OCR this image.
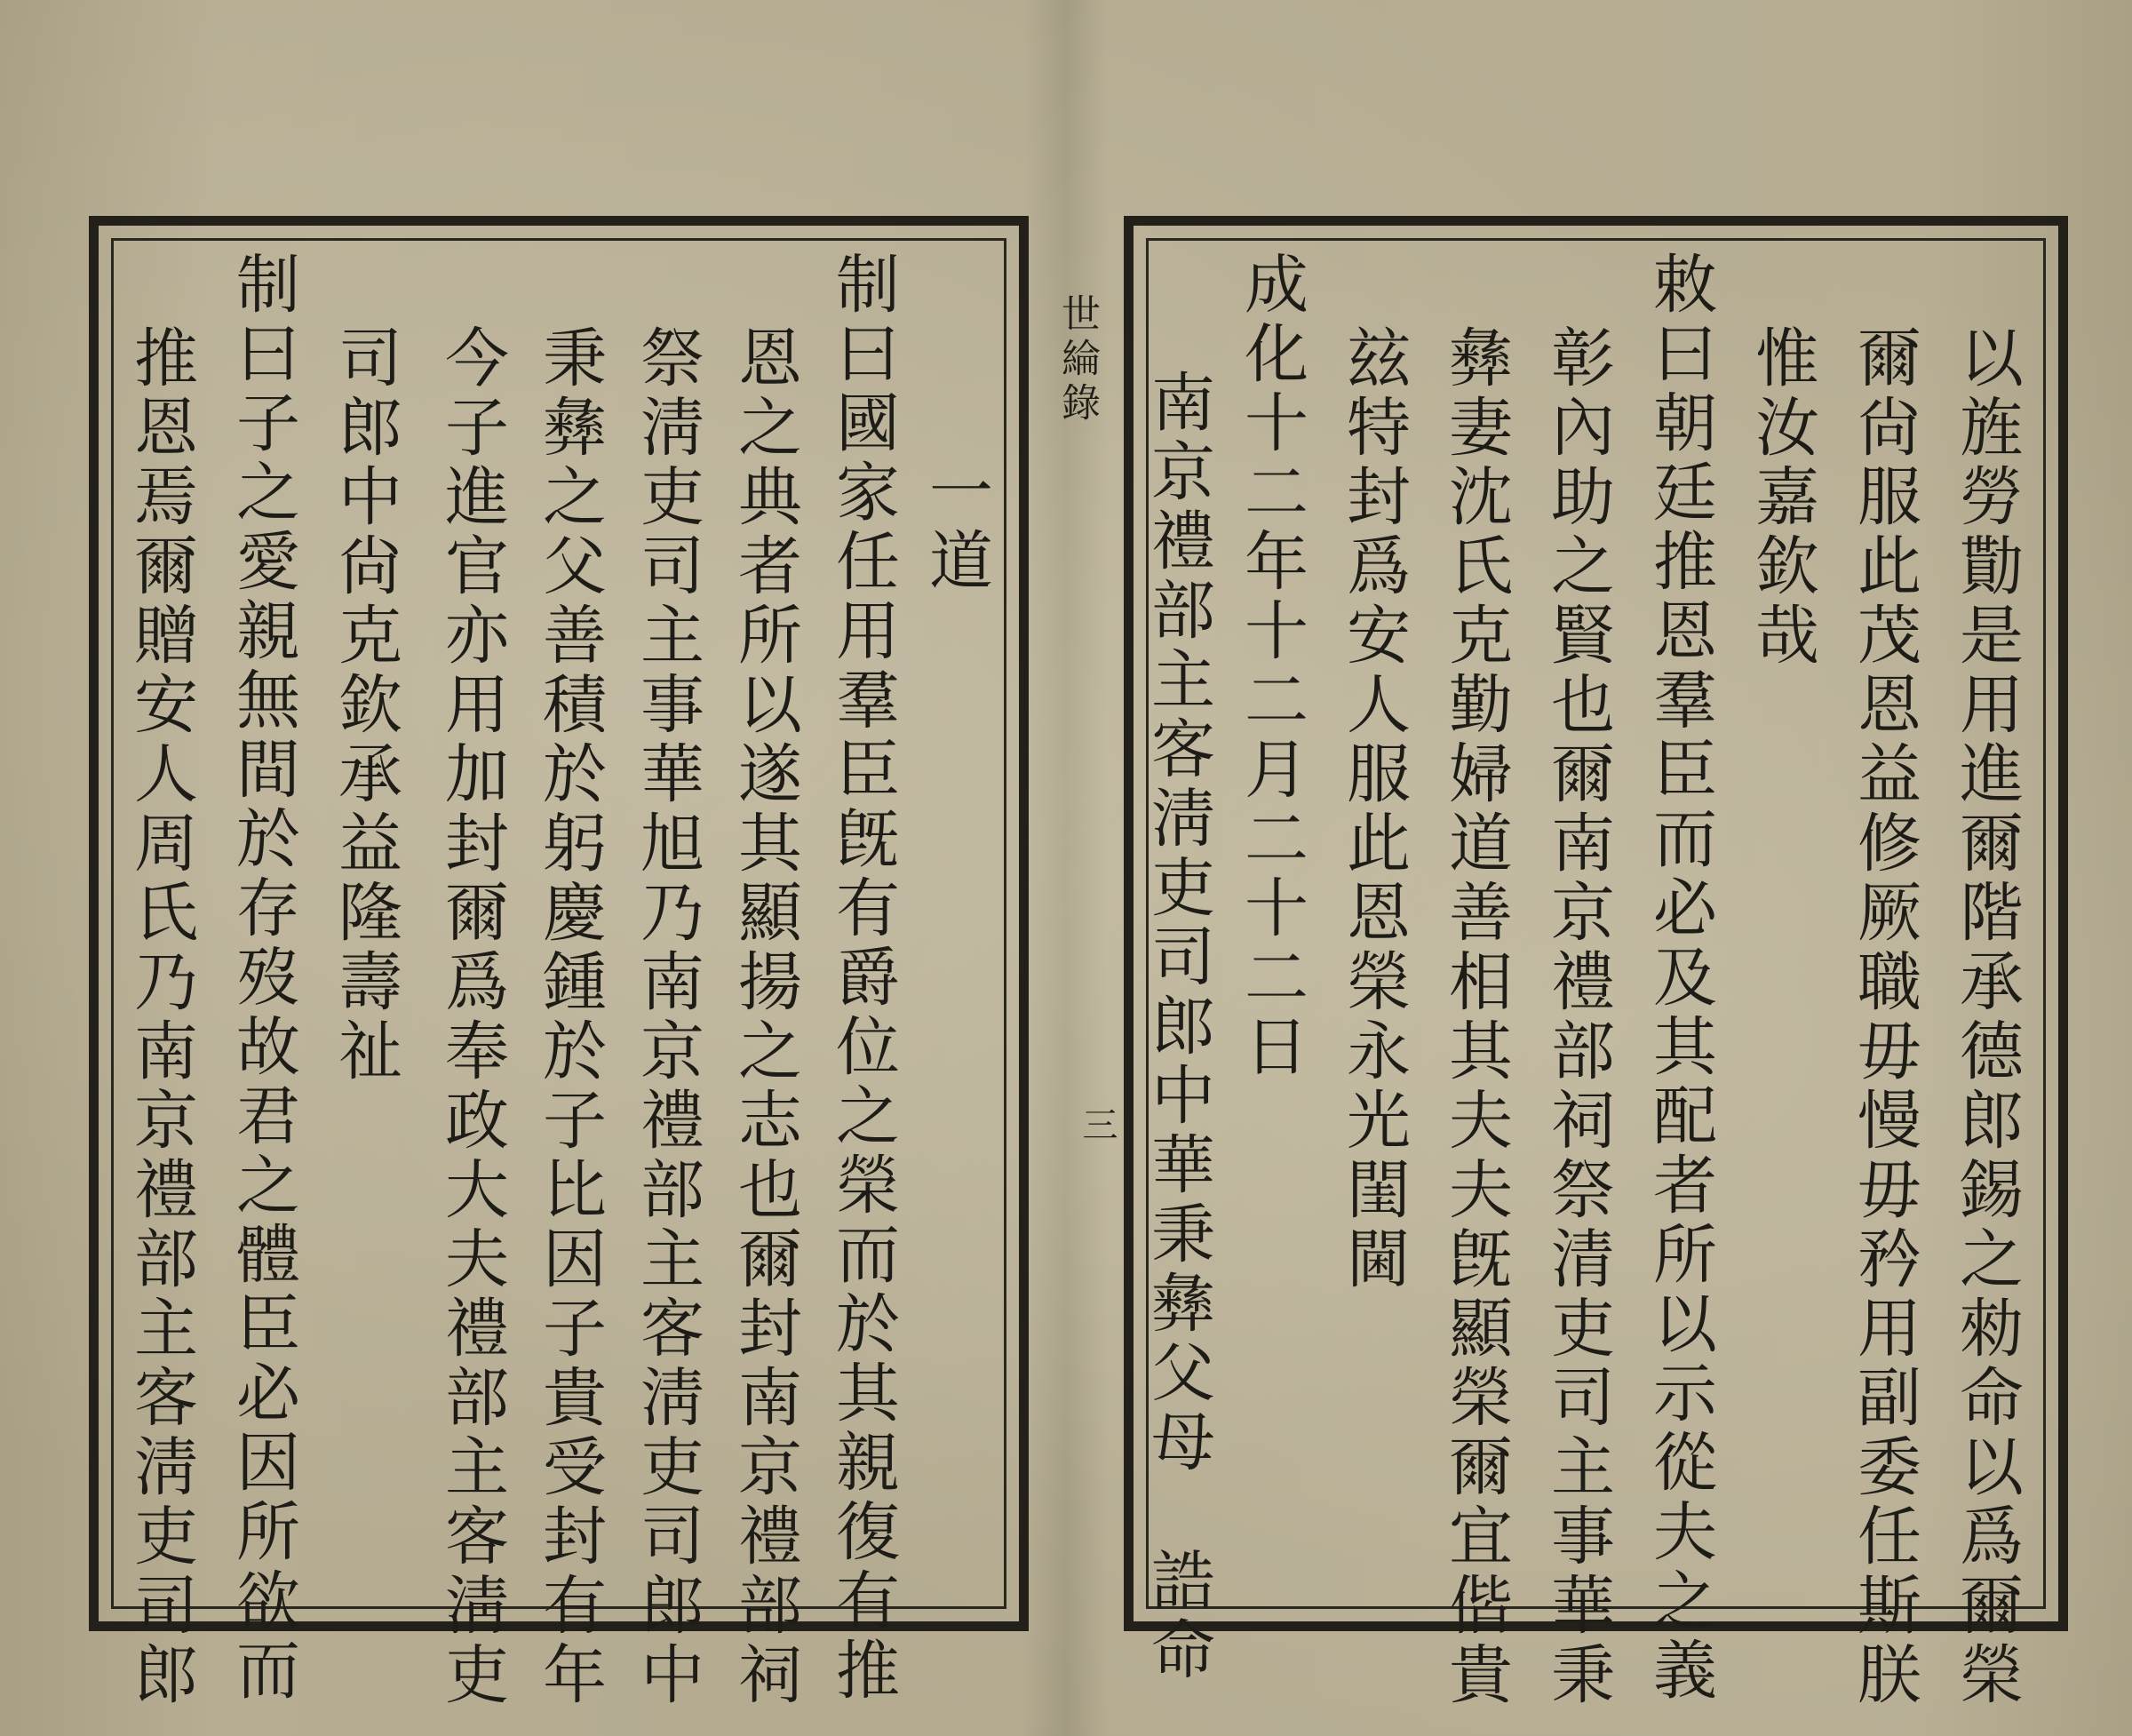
以旌勞勩是用進爾階承德郎錫之勑命以爲爾榮
爾尙服此茂恩益修厥職毋慢毋矜用副委任斯朕
惟汝嘉欽哉
敕曰朝廷推恩羣臣而必及其配者所以示從夫之義
彰內助之賢也爾南京禮部祠祭清吏司主事華秉
彝妻沈氏克勤婦道善相其夫夫旣顯榮爾宜偕貴
玆特封爲安人服此恩榮永光閨閫
成化十二年十二月二十二日
南京禮部主客淸吏司郎中華秉彝父母　誥命
世綸錄
三
一道
制曰國家任用羣臣旣有爵位之榮而於其親復有推
恩之典者所以遂其顯揚之志也爾封南京禮部祠
祭淸吏司主事華旭乃南京禮部主客淸吏司郎中
秉彝之父善積於躬慶鍾於子比因子貴受封有年
今子進官亦用加封爾爲奉政大夫禮部主客淸吏
司郎中尙克欽承益隆壽祉
制曰子之愛親無間於存歿故君之體臣必因所欲而
推恩焉爾贈安人周氏乃南京禮部主客淸吏司郎
